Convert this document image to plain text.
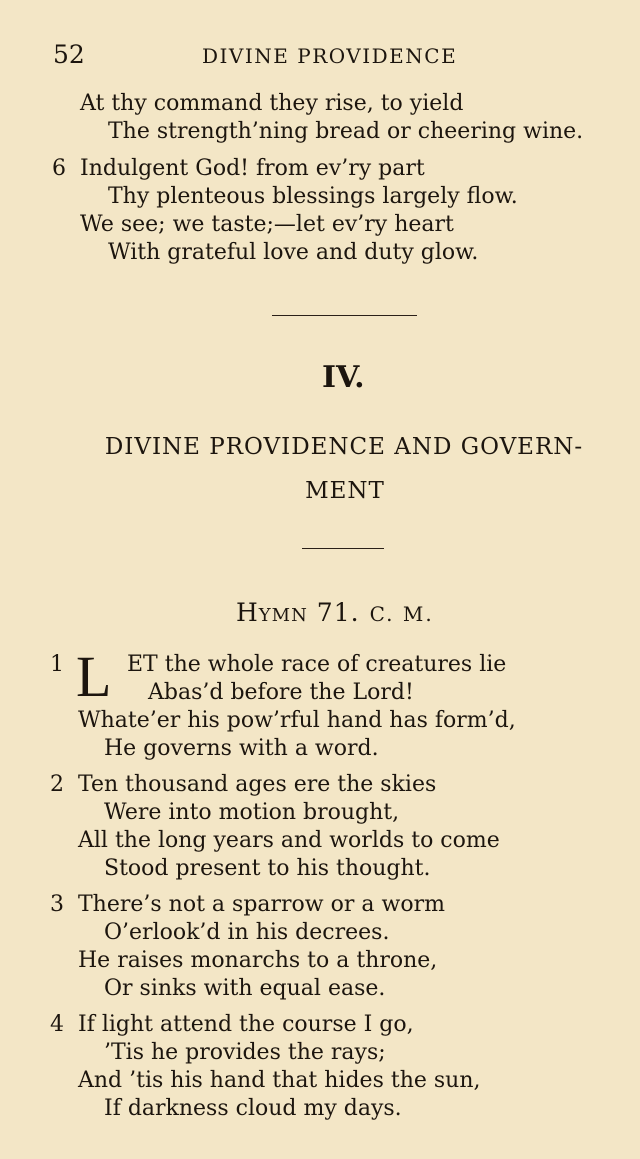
52	DIVINE PROVIDENCE
At thy command they rise, to yield
The strength’ning bread or cheering wine.
6 Indulgent God! from ev’ry part
Thy plenteous blessings largely flow.
We see; we taste;—let ev’ry heart
With grateful love and duty glow.
IV.
DIVINE PROVIDENCE AND GOVERN-
MENT
Hymn 71. C. M.
1 L ET the whole race of creatures lie
Abas’d before the Lord!
Whate’er his pow’rful hand has form’d,
He governs with a word.
2 Ten thousand ages ere the skies
Were into motion brought,
All the long years and worlds to come
Stood present to his thought.
3 There’s not a sparrow or a worm
O’erlook’d in his decrees.
He raises monarchs to a throne,
Or sinks with equal ease.
4 If light attend the course I go,
’Tis he provides the rays;
And ’tis his hand that hides the sun,
If darkness cloud my days.
